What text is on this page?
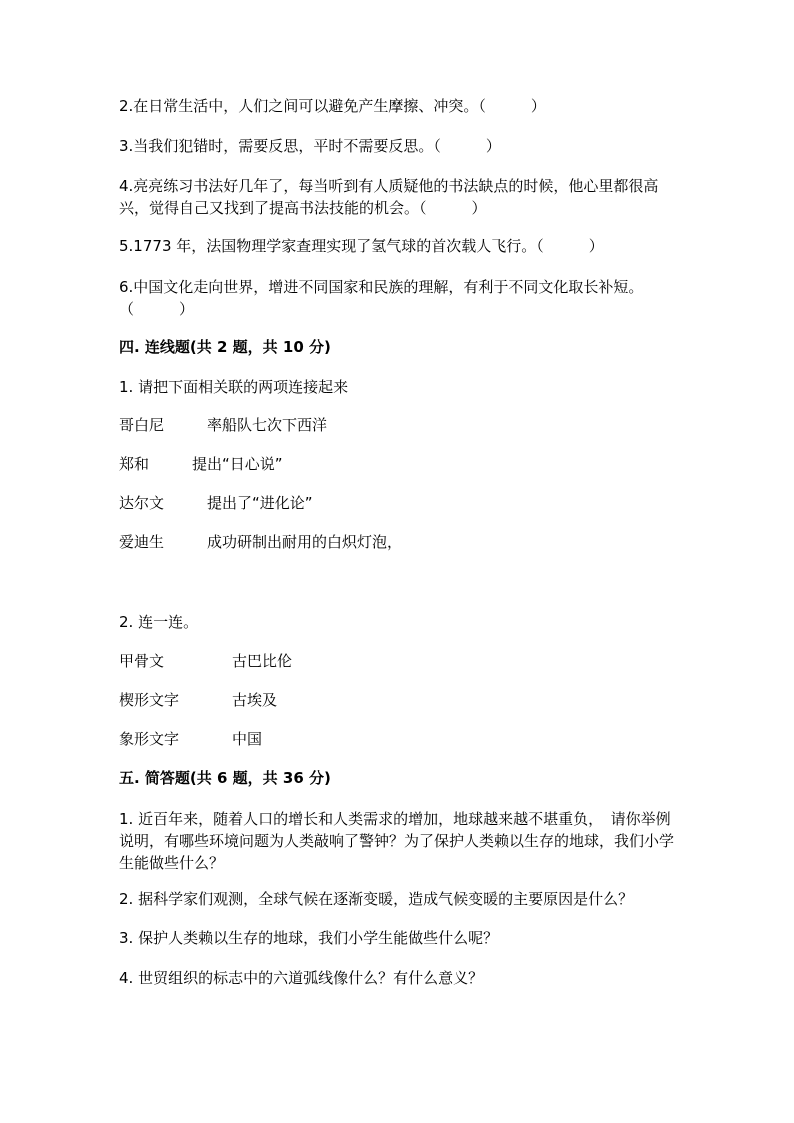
2.在日常生活中，人们之间可以避免产生摩擦、冲突。（　　　）
3.当我们犯错时，需要反思，平时不需要反思。（　　　）
4.亮亮练习书法好几年了，每当听到有人质疑他的书法缺点的时候，他心里都很高兴，觉得自己又找到了提高书法技能的机会。（　　　）
5.1773 年，法国物理学家查理实现了氢气球的首次载人飞行。（　　　）
6.中国文化走向世界，增进不同国家和民族的理解，有利于不同文化取长补短。（　　　）
四. 连线题(共 2 题，共 10 分)
1. 请把下面相关联的两项连接起来
哥白尼	率船队七次下西洋
郑和	提出“日心说”
达尔文	提出了“进化论”
爱迪生	成功研制出耐用的白炽灯泡，
2. 连一连。
甲骨文	古巴比伦
楔形文字	古埃及
象形文字	中国
五. 简答题(共 6 题，共 36 分)
1. 近百年来，随着人口的增长和人类需求的增加，地球越来越不堪重负，　请你举例说明，有哪些环境问题为人类敲响了警钟？为了保护人类赖以生存的地球，我们小学生能做些什么？
2. 据科学家们观测，全球气候在逐渐变暖，造成气候变暖的主要原因是什么？
3. 保护人类赖以生存的地球，我们小学生能做些什么呢？
4. 世贸组织的标志中的六道弧线像什么？有什么意义？
